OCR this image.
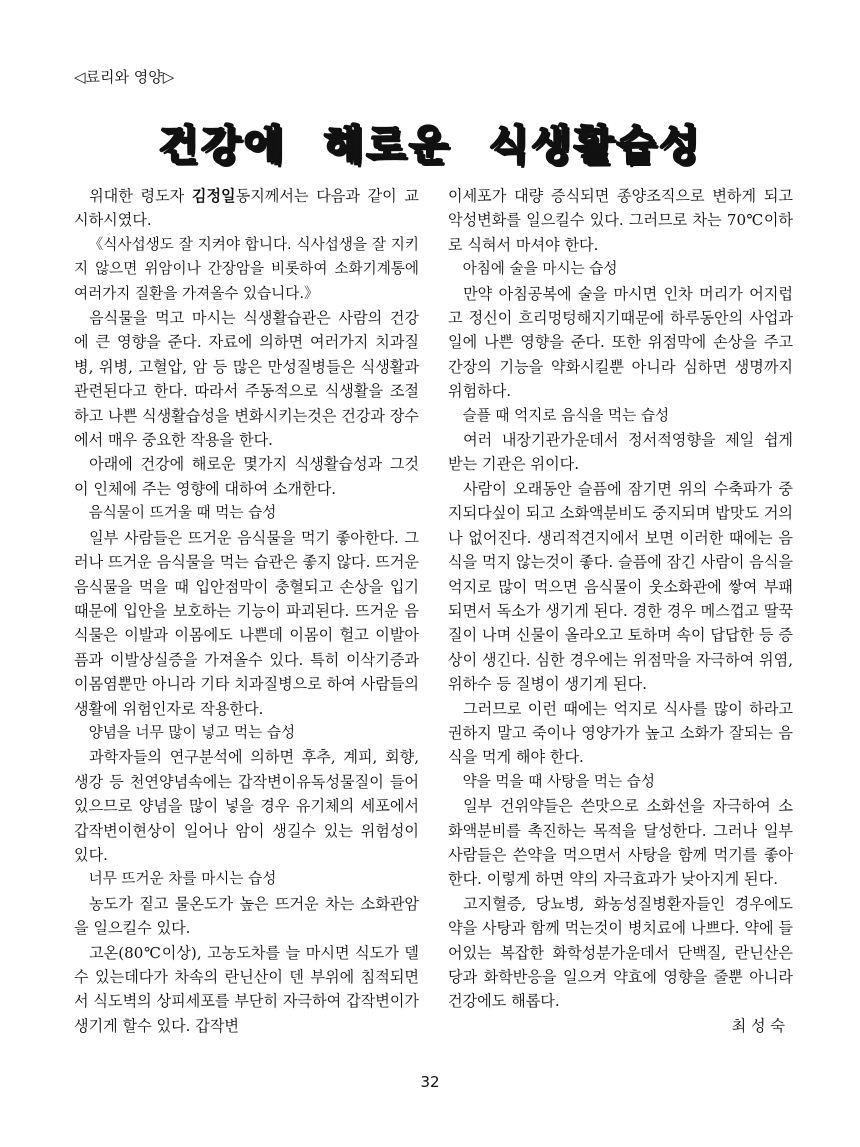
◁료리와 영양▷
건강에 해로운 식생활습성

위대한 령도자 김정일동지께서는 다음과 같이 교시하시였다.

《식사섭생도 잘 지켜야 합니다. 식사섭생을 잘 지키지 않으면 위암이나 간장암을 비롯하여 소화기계통에 여러가지 질환을 가져올수 있습니다.》

음식물을 먹고 마시는 식생활습관은 사람의 건강에 큰 영향을 준다. 자료에 의하면 여러가지 치과질병, 위병, 고혈압, 암 등 많은 만성질병들은 식생활과 관련된다고 한다. 따라서 주동적으로 식생활을 조절하고 나쁜 식생활습성을 변화시키는것은 건강과 장수에서 매우 중요한 작용을 한다.

아래에 건강에 해로운 몇가지 식생활습성과 그것이 인체에 주는 영향에 대하여 소개한다.

음식물이 뜨거울 때 먹는 습성

일부 사람들은 뜨거운 음식물을 먹기 좋아한다. 그러나 뜨거운 음식물을 먹는 습관은 좋지 않다. 뜨거운 음식물을 먹을 때 입안점막이 충혈되고 손상을 입기때문에 입안을 보호하는 기능이 파괴된다. 뜨거운 음식물은 이발과 이몸에도 나쁜데 이몸이 헐고 이발아픔과 이발상실증을 가져올수 있다. 특히 이삭기증과 이몸염뿐만 아니라 기타 치과질병으로 하여 사람들의 생활에 위험인자로 작용한다.

양념을 너무 많이 넣고 먹는 습성

과학자들의 연구분석에 의하면 후추, 계피, 회향, 생강 등 천연양념속에는 갑작변이유독성물질이 들어있으므로 양념을 많이 넣을 경우 유기체의 세포에서 갑작변이현상이 일어나 암이 생길수 있는 위험성이 있다.

너무 뜨거운 차를 마시는 습성

농도가 짙고 물온도가 높은 뜨거운 차는 소화관암을 일으킬수 있다.

고온(80℃이상), 고농도차를 늘 마시면 식도가 델수 있는데다가 차속의 란닌산이 덴 부위에 침적되면서 식도벽의 상피세포를 부단히 자극하여 갑작변이가 생기게 할수 있다. 갑작변

이세포가 대량 증식되면 종양조직으로 변하게 되고 악성변화를 일으킬수 있다. 그러므로 차는 70℃이하로 식혀서 마셔야 한다.

아침에 술을 마시는 습성

만약 아침공복에 술을 마시면 인차 머리가 어지럽고 정신이 흐리멍텅해지기때문에 하루동안의 사업과 일에 나쁜 영향을 준다. 또한 위점막에 손상을 주고 간장의 기능을 약화시킬뿐 아니라 심하면 생명까지 위험하다.

슬플 때 억지로 음식을 먹는 습성

여러 내장기관가운데서 정서적영향을 제일 쉽게 받는 기관은 위이다.

사람이 오래동안 슬픔에 잠기면 위의 수축파가 중지되다싶이 되고 소화액분비도 중지되며 밥맛도 거의나 없어진다. 생리적견지에서 보면 이러한 때에는 음식을 먹지 않는것이 좋다. 슬픔에 잠긴 사람이 음식을 억지로 많이 먹으면 음식물이 웃소화관에 쌓여 부패되면서 독소가 생기게 된다. 경한 경우 메스껍고 딸꾹질이 나며 신물이 올라오고 토하며 속이 답답한 등 증상이 생긴다. 심한 경우에는 위점막을 자극하여 위염, 위하수 등 질병이 생기게 된다.

그러므로 이런 때에는 억지로 식사를 많이 하라고 권하지 말고 죽이나 영양가가 높고 소화가 잘되는 음식을 먹게 해야 한다.

약을 먹을 때 사탕을 먹는 습성

일부 건위약들은 쓴맛으로 소화선을 자극하여 소화액분비를 촉진하는 목적을 달성한다. 그러나 일부 사람들은 쓴약을 먹으면서 사탕을 함께 먹기를 좋아한다. 이렇게 하면 약의 자극효과가 낮아지게 된다.

고지혈증, 당뇨병, 화농성질병환자들인 경우에도 약을 사탕과 함께 먹는것이 병치료에 나쁘다. 약에 들어있는 복잡한 화학성분가운데서 단백질, 란닌산은 당과 화학반응을 일으켜 약효에 영향을 줄뿐 아니라 건강에도 해롭다.

최 성 숙

32
